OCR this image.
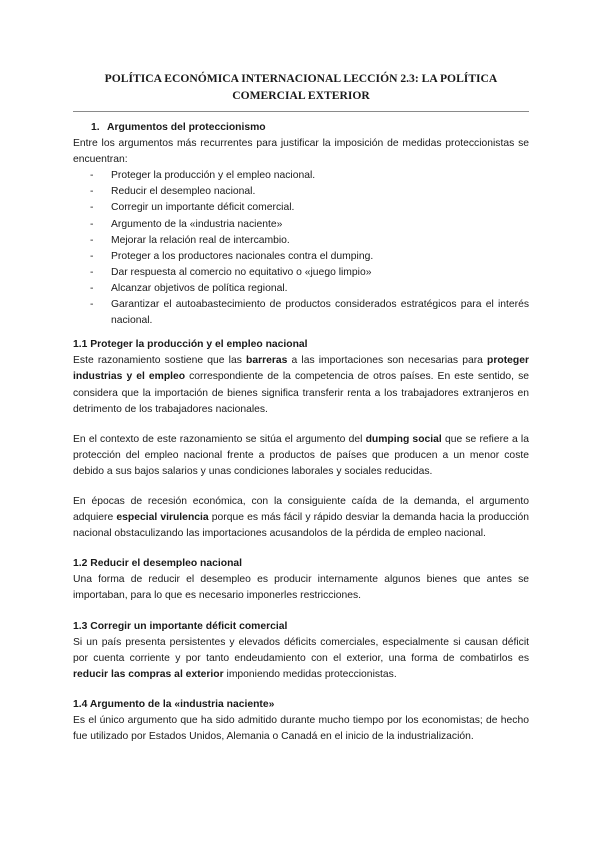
POLÍTICA ECONÓMICA INTERNACIONAL LECCIÓN 2.3: LA POLÍTICA COMERCIAL EXTERIOR

1. Argumentos del proteccionismo

Entre los argumentos más recurrentes para justificar la imposición de medidas proteccionistas se encuentran:

- Proteger la producción y el empleo nacional.
- Reducir el desempleo nacional.
- Corregir un importante déficit comercial.
- Argumento de la «industria naciente»
- Mejorar la relación real de intercambio.
- Proteger a los productores nacionales contra el dumping.
- Dar respuesta al comercio no equitativo o «juego limpio»
- Alcanzar objetivos de política regional.
- Garantizar el autoabastecimiento de productos considerados estratégicos para el interés nacional.

1.1 Proteger la producción y el empleo nacional

Este razonamiento sostiene que las barreras a las importaciones son necesarias para proteger industrias y el empleo correspondiente de la competencia de otros países. En este sentido, se considera que la importación de bienes significa transferir renta a los trabajadores extranjeros en detrimento de los trabajadores nacionales.

En el contexto de este razonamiento se sitúa el argumento del dumping social que se refiere a la protección del empleo nacional frente a productos de países que producen a un menor coste debido a sus bajos salarios y unas condiciones laborales y sociales reducidas.

En épocas de recesión económica, con la consiguiente caída de la demanda, el argumento adquiere especial virulencia porque es más fácil y rápido desviar la demanda hacia la producción nacional obstaculizando las importaciones acusandolos de la pérdida de empleo nacional.

1.2 Reducir el desempleo nacional

Una forma de reducir el desempleo es producir internamente algunos bienes que antes se importaban, para lo que es necesario imponerles restricciones.

1.3 Corregir un importante déficit comercial

Si un país presenta persistentes y elevados déficits comerciales, especialmente si causan déficit por cuenta corriente y por tanto endeudamiento con el exterior, una forma de combatirlos es reducir las compras al exterior imponiendo medidas proteccionistas.

1.4 Argumento de la «industria naciente»

Es el único argumento que ha sido admitido durante mucho tiempo por los economistas; de hecho fue utilizado por Estados Unidos, Alemania o Canadá en el inicio de la industrialización.
